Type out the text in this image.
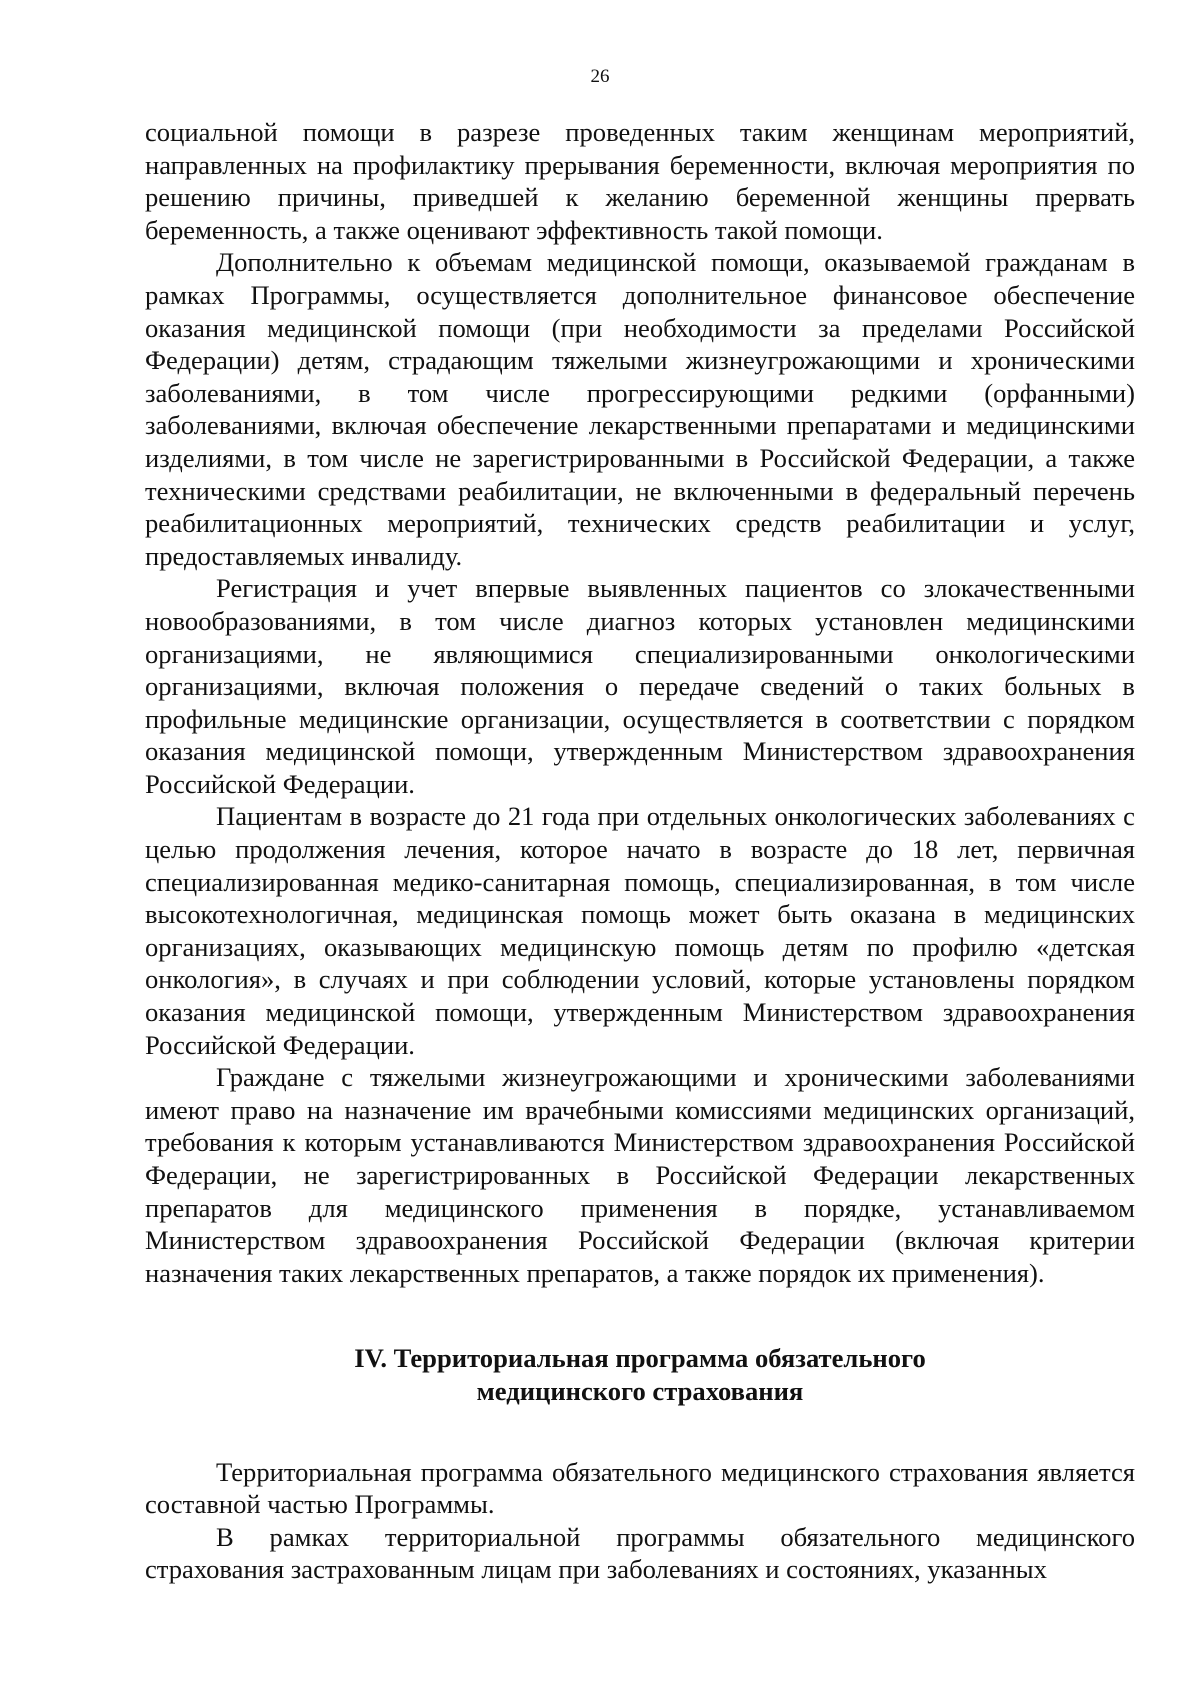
26

социальной помощи в разрезе проведенных таким женщинам мероприятий, направленных на профилактику прерывания беременности, включая мероприятия по решению причины, приведшей к желанию беременной женщины прервать беременность, а также оценивают эффективность такой помощи.

Дополнительно к объемам медицинской помощи, оказываемой гражданам в рамках Программы, осуществляется дополнительное финансовое обеспечение оказания медицинской помощи (при необходимости за пределами Российской Федерации) детям, страдающим тяжелыми жизнеугрожающими и хроническими заболеваниями, в том числе прогрессирующими редкими (орфанными) заболеваниями, включая обеспечение лекарственными препаратами и медицинскими изделиями, в том числе не зарегистрированными в Российской Федерации, а также техническими средствами реабилитации, не включенными в федеральный перечень реабилитационных мероприятий, технических средств реабилитации и услуг, предоставляемых инвалиду.

Регистрация и учет впервые выявленных пациентов со злокачественными новообразованиями, в том числе диагноз которых установлен медицинскими организациями, не являющимися специализированными онкологическими организациями, включая положения о передаче сведений о таких больных в профильные медицинские организации, осуществляется в соответствии с порядком оказания медицинской помощи, утвержденным Министерством здравоохранения Российской Федерации.

Пациентам в возрасте до 21 года при отдельных онкологических заболеваниях с целью продолжения лечения, которое начато в возрасте до 18 лет, первичная специализированная медико-санитарная помощь, специализированная, в том числе высокотехнологичная, медицинская помощь может быть оказана в медицинских организациях, оказывающих медицинскую помощь детям по профилю «детская онкология», в случаях и при соблюдении условий, которые установлены порядком оказания медицинской помощи, утвержденным Министерством здравоохранения Российской Федерации.

Граждане с тяжелыми жизнеугрожающими и хроническими заболеваниями имеют право на назначение им врачебными комиссиями медицинских организаций, требования к которым устанавливаются Министерством здравоохранения Российской Федерации, не зарегистрированных в Российской Федерации лекарственных препаратов для медицинского применения в порядке, устанавливаемом Министерством здравоохранения Российской Федерации (включая критерии назначения таких лекарственных препаратов, а также порядок их применения).

IV. Территориальная программа обязательного
медицинского страхования

Территориальная программа обязательного медицинского страхования является составной частью Программы.

В рамках территориальной программы обязательного медицинского страхования застрахованным лицам при заболеваниях и состояниях, указанных
